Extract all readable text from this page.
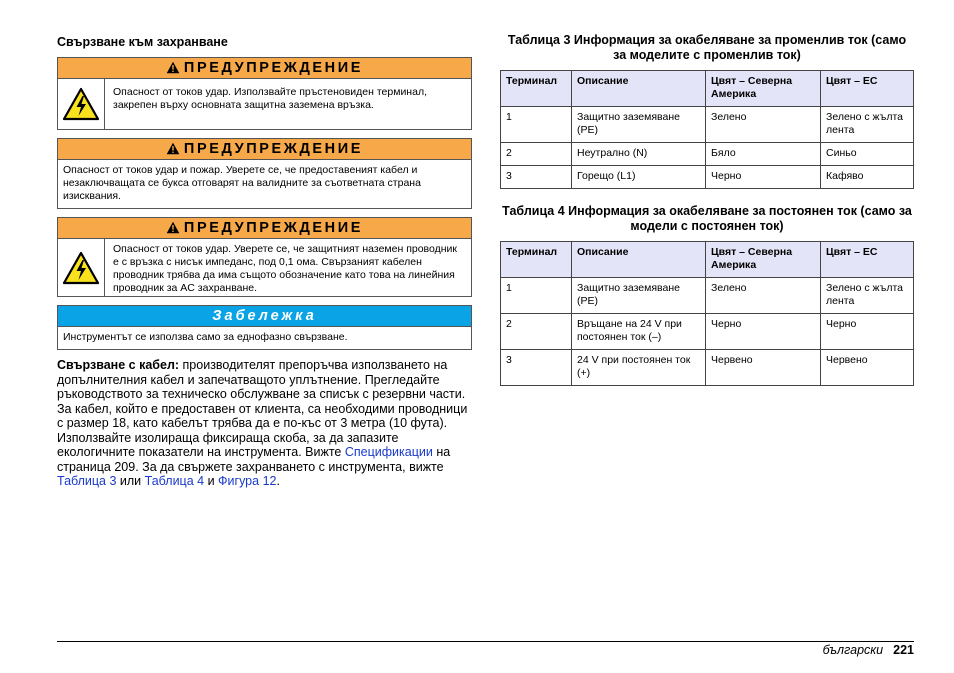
Свързване към захранване
ПРЕДУПРЕЖДЕНИЕ
Опасност от токов удар. Използвайте пръстеновиден терминал, закрепен върху основната защитна заземена връзка.
ПРЕДУПРЕЖДЕНИЕ
Опасност от токов удар и пожар. Уверете се, че предоставеният кабел и незаключващата се букса отговарят на валидните за съответната страна изисквания.
ПРЕДУПРЕЖДЕНИЕ
Опасност от токов удар. Уверете се, че защитният наземен проводник е с връзка с нисък импеданс, под 0,1 ома. Свързаният кабелен проводник трябва да има същото обозначение като това на линейния проводник за AC захранване.
Забележка
Инструментът се използва само за еднофазно свързване.
Свързване с кабел: производителят препоръчва използването на допълнителния кабел и запечатващото уплътнение. Прегледайте ръководството за техническо обслужване за списък с резервни части. За кабел, който е предоставен от клиента, са необходими проводници с размер 18, като кабелът трябва да е по-къс от 3 метра (10 фута). Използвайте изолираща фиксираща скоба, за да запазите екологичните показатели на инструмента. Вижте Спецификации на страница 209. За да свържете захранването с инструмента, вижте Таблица 3 или Таблица 4 и Фигура 12.
Таблица 3 Информация за окабеляване за променлив ток (само за моделите с променлив ток)
Терминал	Описание	Цвят – Северна Америка	Цвят – ЕС
1	Защитно заземяване (PE)	Зелено	Зелено с жълта лента
2	Неутрално (N)	Бяло	Синьо
3	Горещо (L1)	Черно	Кафяво
Таблица 4 Информация за окабеляване за постоянен ток (само за модели с постоянен ток)
Терминал	Описание	Цвят – Северна Америка	Цвят – ЕС
1	Защитно заземяване (PE)	Зелено	Зелено с жълта лента
2	Връщане на 24 V при постоянен ток (–)	Черно	Черно
3	24 V при постоянен ток (+)	Червено	Червено
български 221
